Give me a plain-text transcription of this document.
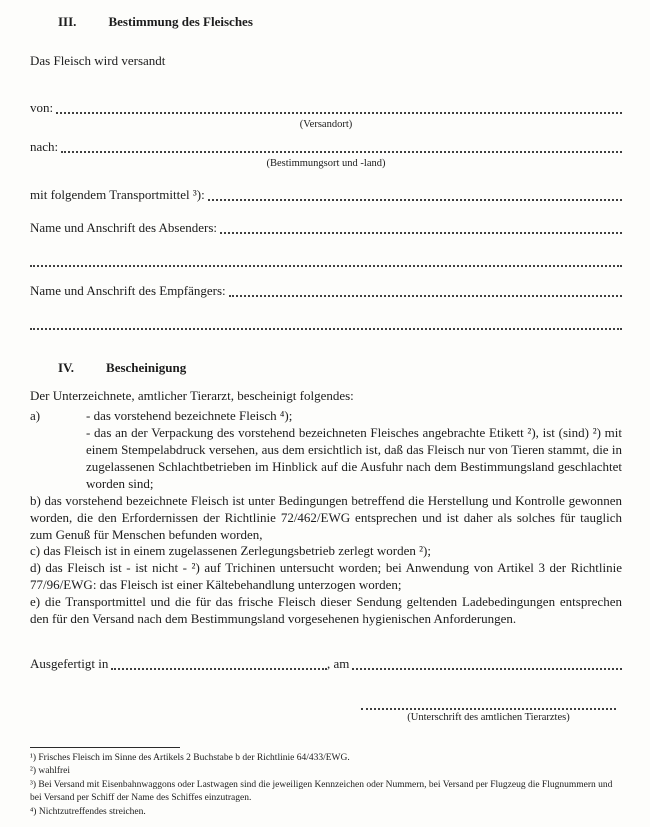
III. Bestimmung des Fleisches
Das Fleisch wird versandt
von:
(Versandort)
nach:
(Bestimmungsort und -land)
mit folgendem Transportmittel ³):
Name und Anschrift des Absenders:
Name und Anschrift des Empfängers:
IV. Bescheinigung
Der Unterzeichnete, amtlicher Tierarzt, bescheinigt folgendes:
a)	- das vorstehend bezeichnete Fleisch ⁴);
- das an der Verpackung des vorstehend bezeichneten Fleisches angebrachte Etikett ²), ist (sind) ²) mit einem Stempelabdruck versehen, aus dem ersichtlich ist, daß das Fleisch nur von Tieren stammt, die in zugelassenen Schlachtbetrieben im Hinblick auf die Ausfuhr nach dem Bestimmungsland geschlachtet worden sind;

b) das vorstehend bezeichnete Fleisch ist unter Bedingungen betreffend die Herstellung und Kontrolle gewonnen worden, die den Erfordernissen der Richtlinie 72/462/EWG entsprechen und ist daher als solches für tauglich zum Genuß für Menschen befunden worden,

c) das Fleisch ist in einem zugelassenen Zerlegungsbetrieb zerlegt worden ²);

d) das Fleisch ist - ist nicht - ²) auf Trichinen untersucht worden; bei Anwendung von Artikel 3 der Richtlinie 77/96/EWG: das Fleisch ist einer Kältebehandlung unterzogen worden;

e) die Transportmittel und die für das frische Fleisch dieser Sendung geltenden Ladebedingungen entsprechen den für den Versand nach dem Bestimmungsland vorgesehenen hygienischen Anforderungen.

Ausgefertigt in	, am
(Unterschrift des amtlichen Tierarztes)
¹) Frisches Fleisch im Sinne des Artikels 2 Buchstabe b der Richtlinie 64/433/EWG.
²) wahlfrei
³) Bei Versand mit Eisenbahnwaggons oder Lastwagen sind die jeweiligen Kennzeichen oder Nummern, bei Versand per Flugzeug die Flugnummern und bei Versand per Schiff der Name des Schiffes einzutragen.
⁴) Nichtzutreffendes streichen.
